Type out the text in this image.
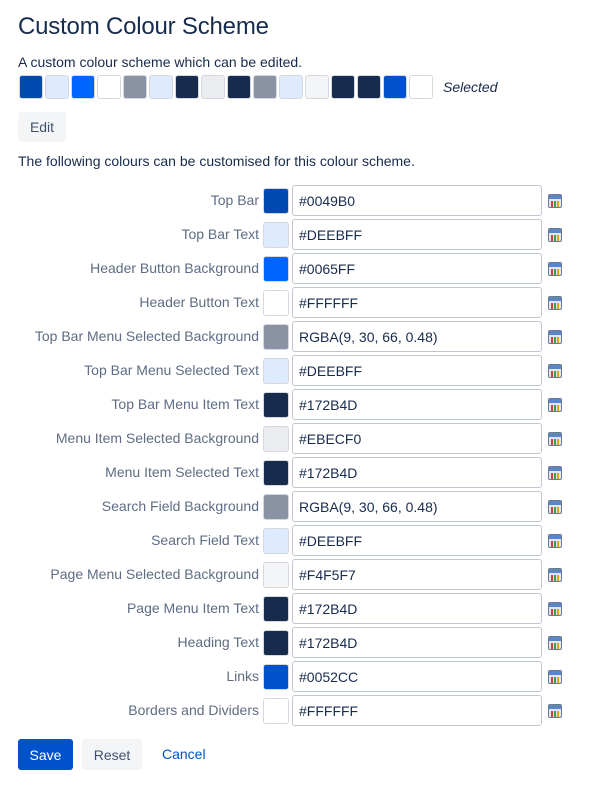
Custom Colour Scheme
A custom colour scheme which can be edited.
Selected
Edit
The following colours can be customised for this colour scheme.
Top Bar
#0049B0
Top Bar Text
#DEEBFF
Header Button Background
#0065FF
Header Button Text
#FFFFFF
Top Bar Menu Selected Background
RGBA(9, 30, 66, 0.48)
Top Bar Menu Selected Text
#DEEBFF
Top Bar Menu Item Text
#172B4D
Menu Item Selected Background
#EBECF0
Menu Item Selected Text
#172B4D
Search Field Background
RGBA(9, 30, 66, 0.48)
Search Field Text
#DEEBFF
Page Menu Selected Background
#F4F5F7
Page Menu Item Text
#172B4D
Heading Text
#172B4D
Links
#0052CC
Borders and Dividers
#FFFFFF
Save	Reset	Cancel
